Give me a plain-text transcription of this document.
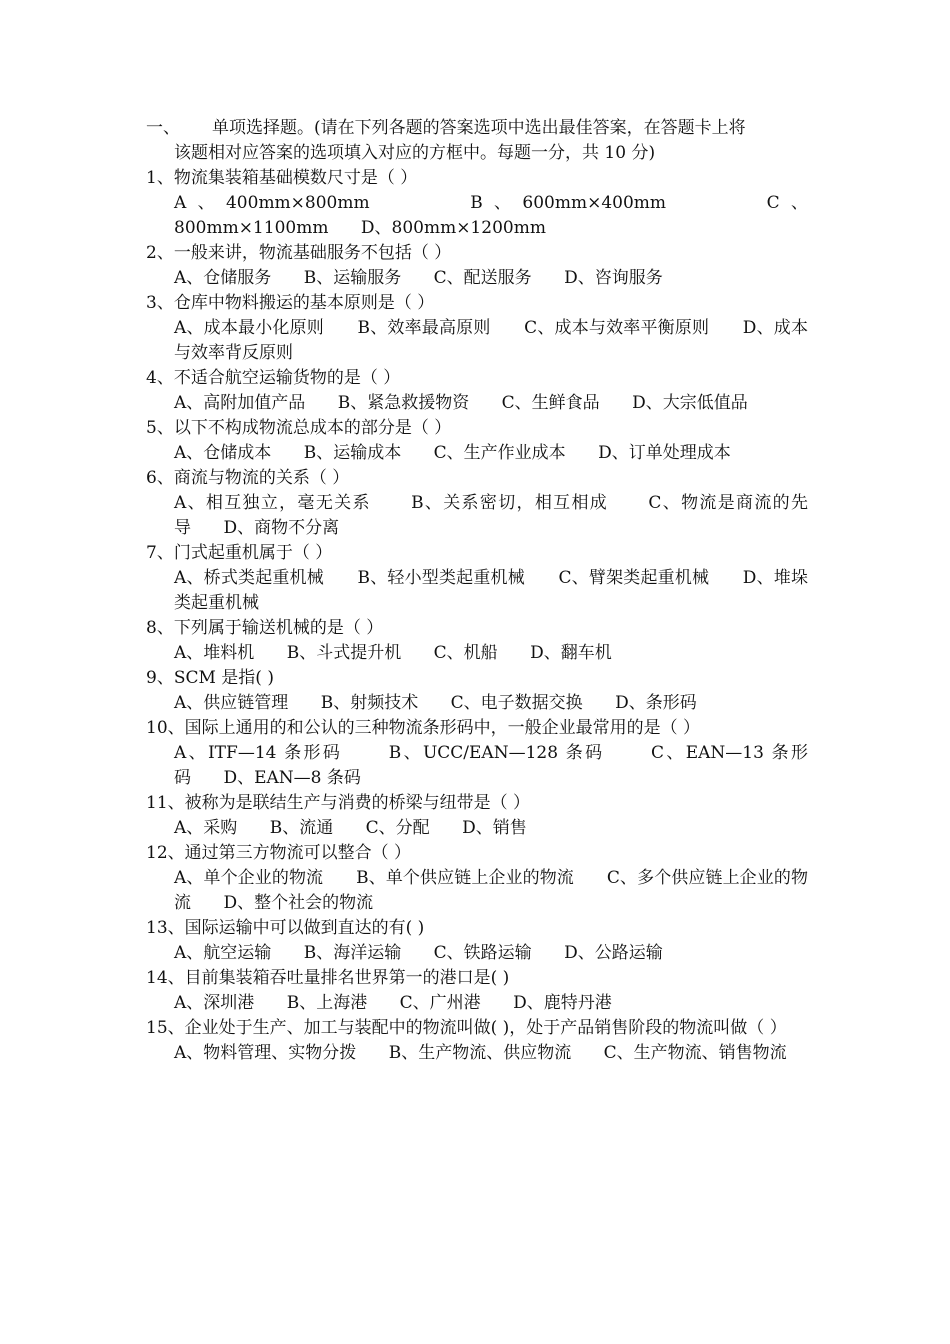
一、	单项选择题。(请在下列各题的答案选项中选出最佳答案，在答题卡上将
该题相对应答案的选项填入对应的方框中。每题一分，共 10 分)
1、物流集装箱基础模数尺寸是（ ）
A、400mm×800mm	B、600mm×400mm	C、800mm×1100mm D、800mm×1200mm
2、一般来讲，物流基础服务不包括（ ）
A、仓储服务 B、运输服务 C、配送服务 D、咨询服务
3、仓库中物料搬运的基本原则是（ ）
A、成本最小化原则 B、效率最高原则 C、成本与效率平衡原则 D、成本与效率背反原则
4、不适合航空运输货物的是（ ）
A、高附加值产品 B、紧急救援物资 C、生鲜食品 D、大宗低值品
5、以下不构成物流总成本的部分是（ ）
A、仓储成本 B、运输成本 C、生产作业成本 D、订单处理成本
6、商流与物流的关系（ ）
A、相互独立，毫无关系 B、关系密切，相互相成 C、物流是商流的先导 D、商物不分离
7、门式起重机属于（ ）
A、桥式类起重机械 B、轻小型类起重机械 C、臂架类起重机械 D、堆垛类起重机械
8、下列属于输送机械的是（ ）
A、堆料机 B、斗式提升机 C、机船 D、翻车机
9、SCM 是指( )
A、供应链管理 B、射频技术 C、电子数据交换 D、条形码
10、国际上通用的和公认的三种物流条形码中，一般企业最常用的是（ ）
A、ITF—14 条形码	B、UCC/EAN—128 条码	C、EAN—13 条形码 D、EAN—8 条码
11、被称为是联结生产与消费的桥梁与纽带是（ ）
A、采购 B、流通 C、分配 D、销售
12、通过第三方物流可以整合（ ）
A、单个企业的物流 B、单个供应链上企业的物流 C、多个供应链上企业的物流 D、整个社会的物流
13、国际运输中可以做到直达的有( )
A、航空运输 B、海洋运输 C、铁路运输 D、公路运输
14、目前集装箱吞吐量排名世界第一的港口是( )
A、深圳港 B、上海港 C、广州港 D、鹿特丹港
15、企业处于生产、加工与装配中的物流叫做( )，处于产品销售阶段的物流叫做（ ）
A、物料管理、实物分拨 B、生产物流、供应物流 C、生产物流、销售物流
